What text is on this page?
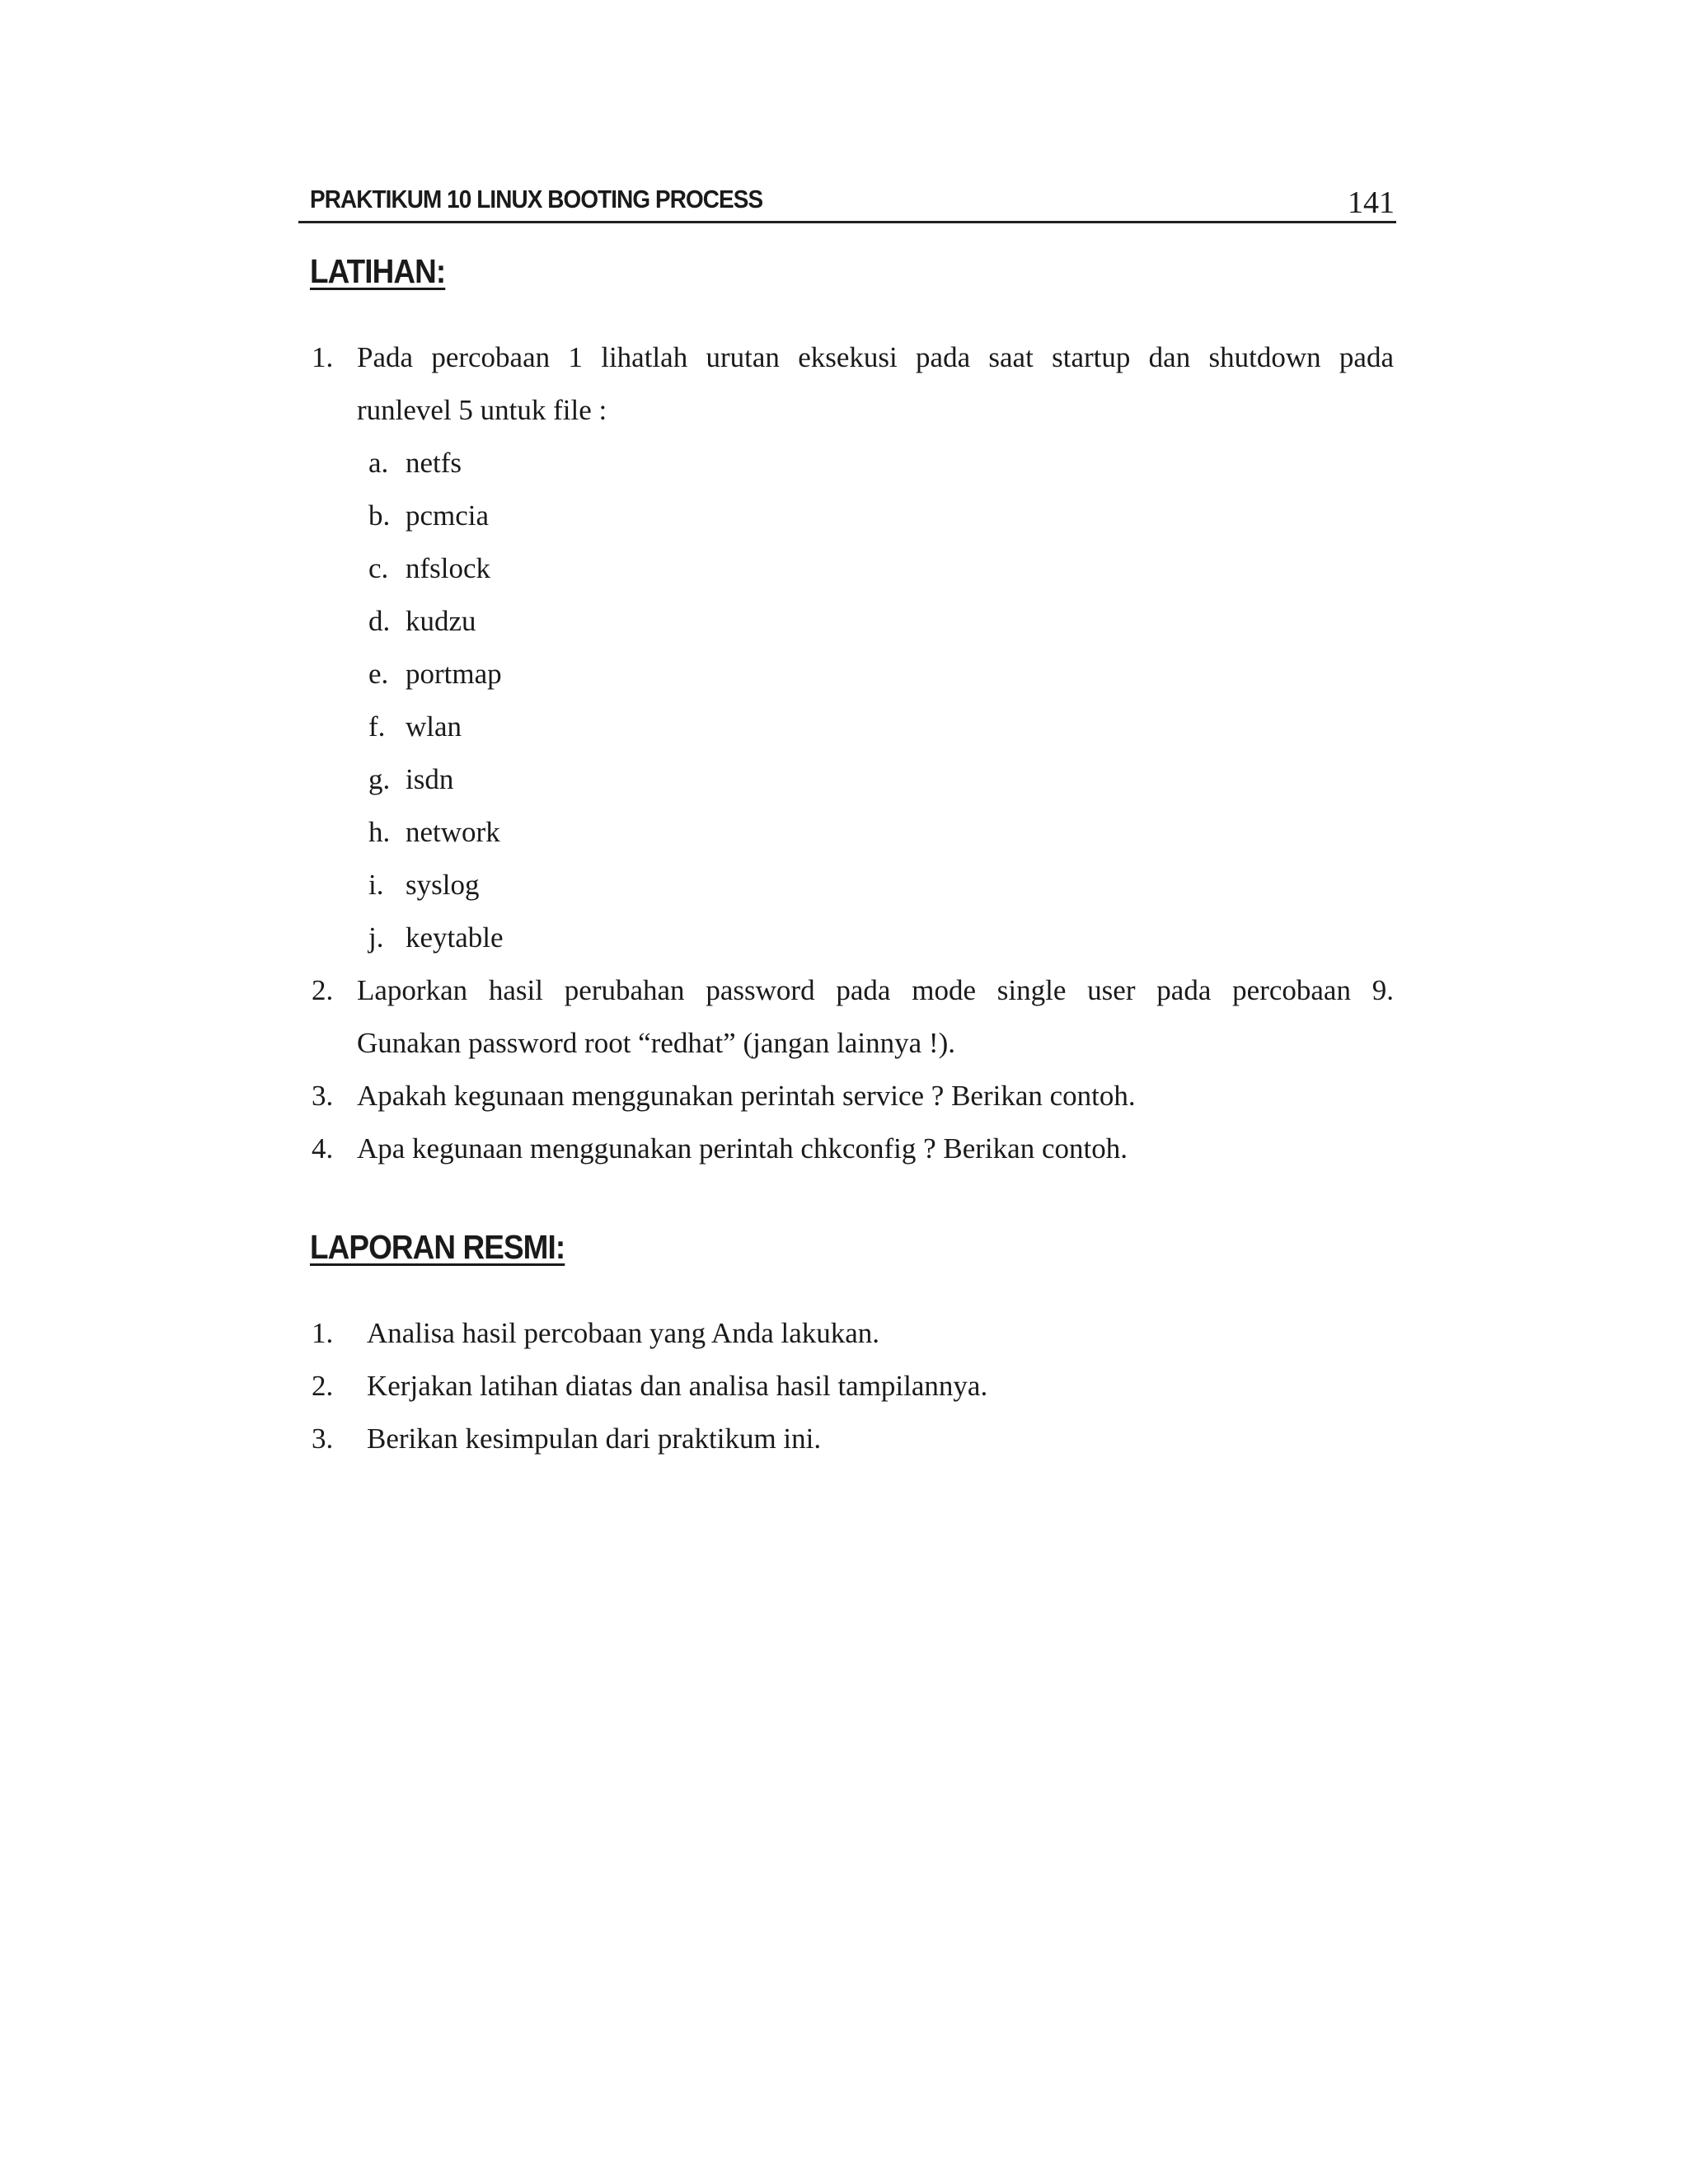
PRAKTIKUM 10 LINUX BOOTING PROCESS	141
LATIHAN:
1. Pada percobaan 1 lihatlah urutan eksekusi pada saat startup dan shutdown pada
runlevel 5 untuk file :
a. netfs
b. pcmcia
c. nfslock
d. kudzu
e. portmap
f. wlan
g. isdn
h. network
i. syslog
j. keytable
2. Laporkan hasil perubahan password pada mode single user pada percobaan 9.
Gunakan password root “redhat” (jangan lainnya !).
3. Apakah kegunaan menggunakan perintah service ? Berikan contoh.
4. Apa kegunaan menggunakan perintah chkconfig ? Berikan contoh.
LAPORAN RESMI:
1. Analisa hasil percobaan yang Anda lakukan.
2. Kerjakan latihan diatas dan analisa hasil tampilannya.
3. Berikan kesimpulan dari praktikum ini.
